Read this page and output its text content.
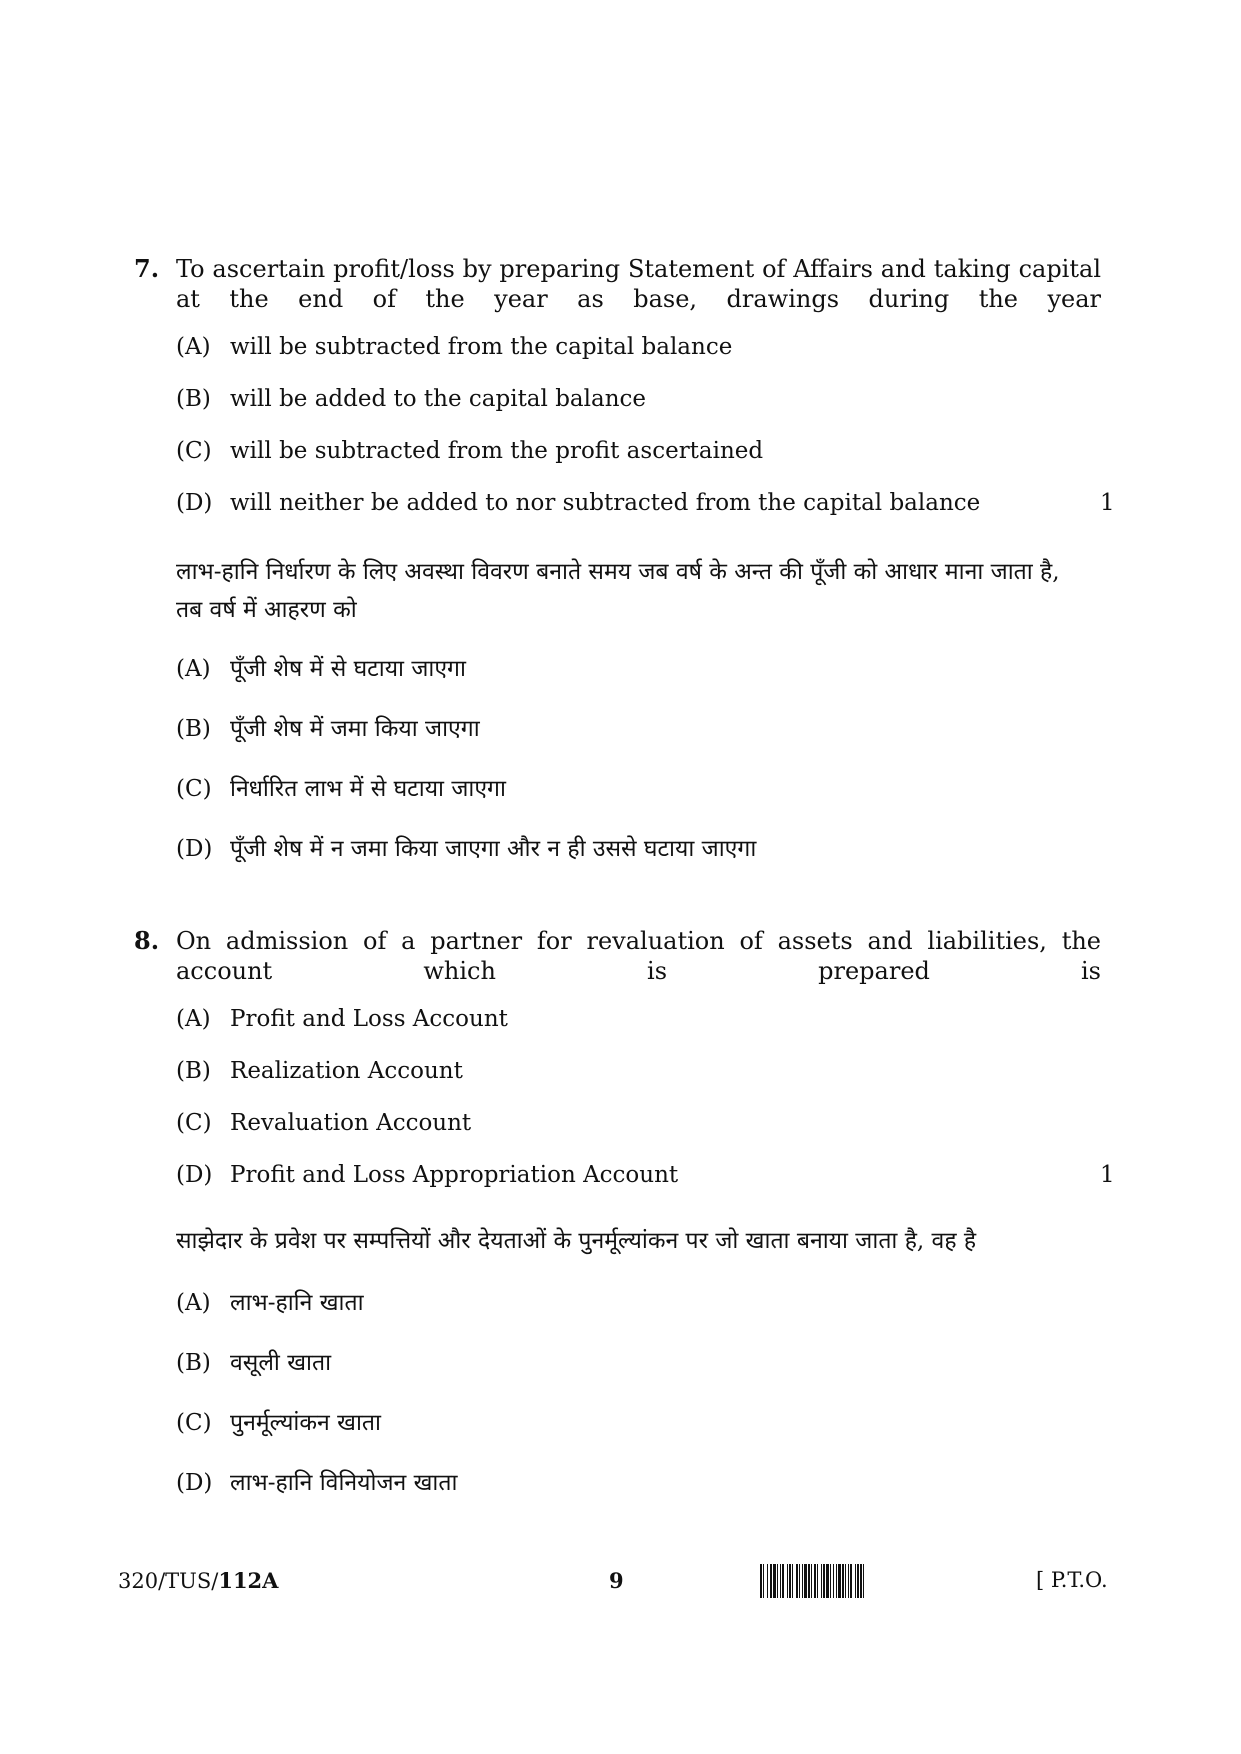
7. To ascertain profit/loss by preparing Statement of Affairs and taking capital at the end of the year as base, drawings during the year
(A) will be subtracted from the capital balance
(B) will be added to the capital balance
(C) will be subtracted from the profit ascertained
(D) will neither be added to nor subtracted from the capital balance	1
लाभ-हानि निर्धारण के लिए अवस्था विवरण बनाते समय जब वर्ष के अन्त की पूँजी को आधार माना जाता है, तब वर्ष में आहरण को
(A) पूँजी शेष में से घटाया जाएगा
(B) पूँजी शेष में जमा किया जाएगा
(C) निर्धारित लाभ में से घटाया जाएगा
(D) पूँजी शेष में न जमा किया जाएगा और न ही उससे घटाया जाएगा
8. On admission of a partner for revaluation of assets and liabilities, the account which is prepared is
(A) Profit and Loss Account
(B) Realization Account
(C) Revaluation Account
(D) Profit and Loss Appropriation Account	1
साझेदार के प्रवेश पर सम्पत्तियों और देयताओं के पुनर्मूल्यांकन पर जो खाता बनाया जाता है, वह है
(A) लाभ-हानि खाता
(B) वसूली खाता
(C) पुनर्मूल्यांकन खाता
(D) लाभ-हानि विनियोजन खाता
320/TUS/112A	9	[ P.T.O.
